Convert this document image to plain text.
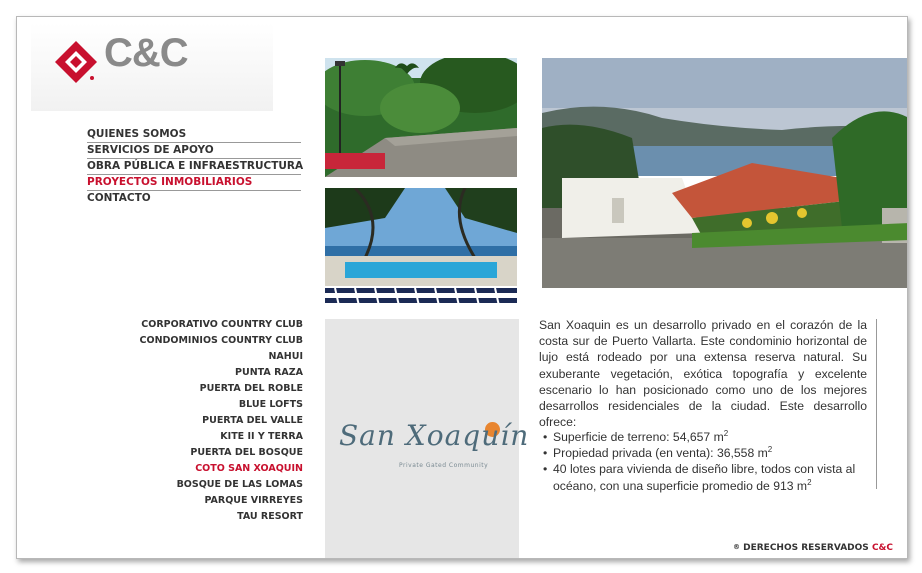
C&C
QUIENES SOMOS
SERVICIOS DE APOYO
OBRA PÚBLICA E INFRAESTRUCTURA
PROYECTOS INMOBILIARIOS
CONTACTO
CORPORATIVO COUNTRY CLUB
CONDOMINIOS COUNTRY CLUB
NAHUI
PUNTA RAZA
PUERTA DEL ROBLE
BLUE LOFTS
PUERTA DEL VALLE
KITE II Y TERRA
PUERTA DEL BOSQUE
COTO SAN XOAQUIN
BOSQUE DE LAS LOMAS
PARQUE VIRREYES
TAU RESORT
San Xoaquín
Private Gated Community
San Xoaquin es un desarrollo privado en el corazón de la costa sur de Puerto Vallarta. Este condominio horizontal de lujo está rodeado por una extensa reserva natural. Su exuberante vegetación, exótica topografía y excelente escenario lo han posicionado como uno de los mejores desarrollos residenciales de la ciudad. Este desarrollo ofrece:
• Superficie de terreno: 54,657 $m^2$
• Propiedad privada (en venta): 36,558 $m^2$
• 40 lotes para vivienda de diseño libre, todos con vista al océano, con una superficie promedio de 913 $m^2$
® DERECHOS RESERVADOS C&C
